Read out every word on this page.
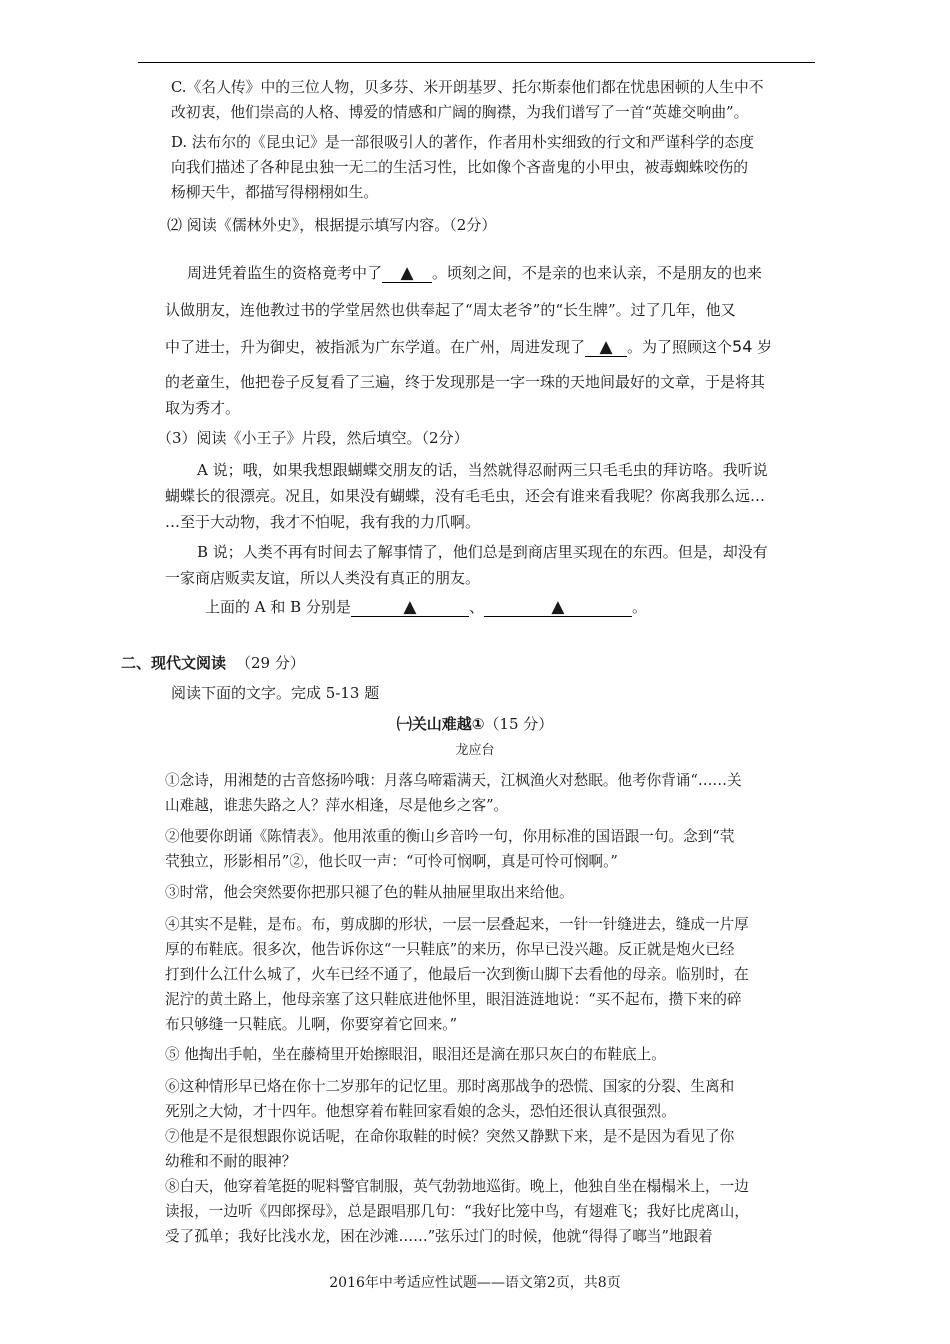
C.《名人传》中的三位人物，贝多芬、米开朗基罗、托尔斯泰他们都在忧患困顿的人生中不
改初衷，他们崇高的人格、博爱的情感和广阔的胸襟，为我们谱写了一首“英雄交响曲”。
D. 法布尔的《昆虫记》是一部很吸引人的著作，作者用朴实细致的行文和严谨科学的态度
向我们描述了各种昆虫独一无二的生活习性，比如像个吝啬鬼的小甲虫，被毒蜘蛛咬伤的
杨柳天牛，都描写得栩栩如生。

⑵ 阅读《儒林外史》，根据提示填写内容。（2分）

周进凭着监生的资格竟考中了 ▲ 。顷刻之间，不是亲的也来认亲，不是朋友的也来

认做朋友，连他教过书的学堂居然也供奉起了“周太老爷”的“长生牌”。过了几年，他又

中了进士，升为御史，被指派为广东学道。在广州，周进发现了 ▲ 。为了照顾这个54 岁

的老童生，他把卷子反复看了三遍，终于发现那是一字一珠的天地间最好的文章，于是将其

取为秀才。

（3）阅读《小王子》片段，然后填空。（2分）

A 说；哦，如果我想跟蝴蝶交朋友的话，当然就得忍耐两三只毛毛虫的拜访咯。我听说
蝴蝶长的很漂亮。况且，如果没有蝴蝶，没有毛毛虫，还会有谁来看我呢？你离我那么远…
…至于大动物，我才不怕呢，我有我的力爪啊。
B 说；人类不再有时间去了解事情了，他们总是到商店里买现在的东西。但是，却没有
一家商店贩卖友谊，所以人类没有真正的朋友。

上面的 A 和 B 分别是	▲	、	▲	。

二、现代文阅读 （29 分）

阅读下面的文字。完成 5-13 题

㈠关山难越①（15 分）

龙应台

①念诗，用湘楚的古音悠扬吟哦：月落乌啼霜满天，江枫渔火对愁眠。他考你背诵“……关
山难越，谁悲失路之人？萍水相逢，尽是他乡之客”。
②他要你朗诵《陈情表》。他用浓重的衡山乡音吟一句，你用标准的国语跟一句。念到“茕
茕独立，形影相吊”②，他长叹一声：“可怜可悯啊，真是可怜可悯啊。”
③时常，他会突然要你把那只褪了色的鞋从抽屉里取出来给他。
④其实不是鞋，是布。布，剪成脚的形状，一层一层叠起来，一针一针缝进去，缝成一片厚
厚的布鞋底。很多次，他告诉你这“一只鞋底”的来历，你早已没兴趣。反正就是炮火已经
打到什么江什么城了，火车已经不通了，他最后一次到衡山脚下去看他的母亲。临别时，在
泥泞的黄土路上，他母亲塞了这只鞋底进他怀里，眼泪涟涟地说：“买不起布，攒下来的碎
布只够缝一只鞋底。儿啊，你要穿着它回来。”
⑤ 他掏出手帕，坐在藤椅里开始擦眼泪，眼泪还是滴在那只灰白的布鞋底上。
⑥这种情形早已烙在你十二岁那年的记忆里。那时离那战争的恐慌、国家的分裂、生离和
死别之大恸，才十四年。他想穿着布鞋回家看娘的念头，恐怕还很认真很强烈。
⑦他是不是很想跟你说话呢，在命你取鞋的时候？突然又静默下来，是不是因为看见了你
幼稚和不耐的眼神？
⑧白天，他穿着笔挺的呢料警官制服，英气勃勃地巡街。晚上，他独自坐在榻榻米上，一边
读报，一边听《四郎探母》，总是跟唱那几句：“我好比笼中鸟，有翅难飞；我好比虎离山，
受了孤单；我好比浅水龙，困在沙滩……”弦乐过门的时候，他就“得得了啷当”地跟着
2016年中考适应性试题——语文第2页，共8页
